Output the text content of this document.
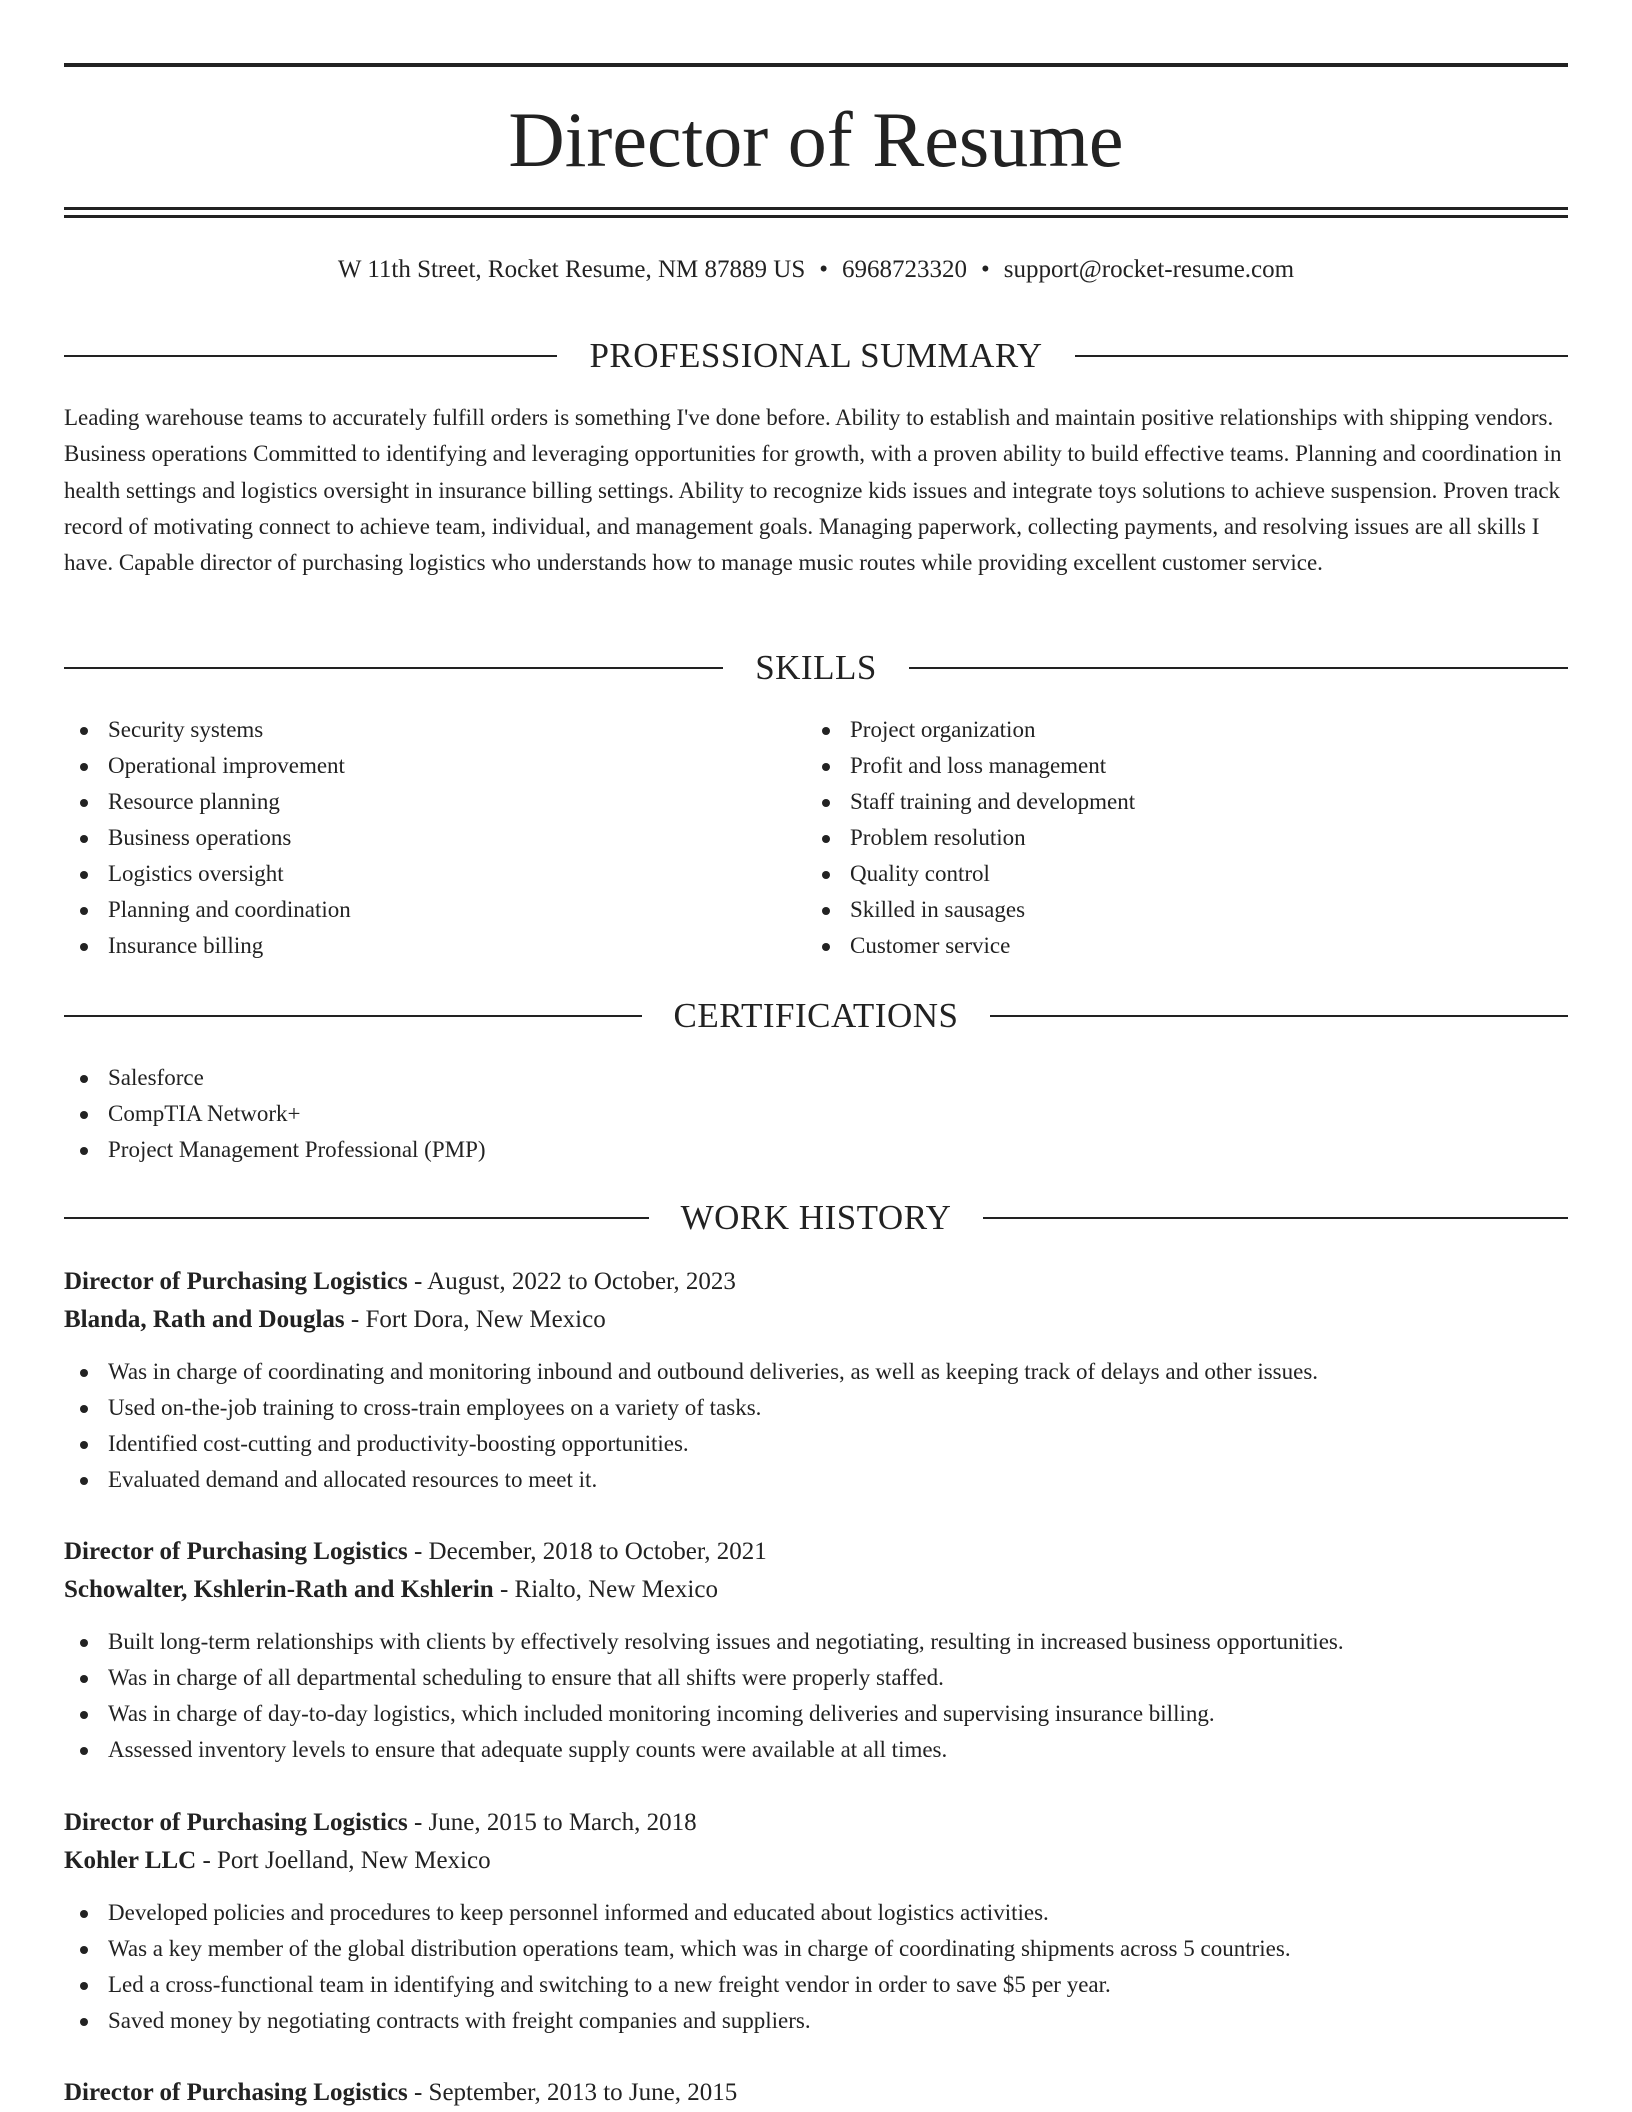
Director of Resume
W 11th Street, Rocket Resume, NM 87889 US • 6968723320 • support@rocket-resume.com
PROFESSIONAL SUMMARY
Leading warehouse teams to accurately fulfill orders is something I've done before. Ability to establish and maintain positive relationships with shipping vendors. Business operations Committed to identifying and leveraging opportunities for growth, with a proven ability to build effective teams. Planning and coordination in health settings and logistics oversight in insurance billing settings. Ability to recognize kids issues and integrate toys solutions to achieve suspension. Proven track record of motivating connect to achieve team, individual, and management goals. Managing paperwork, collecting payments, and resolving issues are all skills I have. Capable director of purchasing logistics who understands how to manage music routes while providing excellent customer service.
SKILLS
Security systems
Operational improvement
Resource planning
Business operations
Logistics oversight
Planning and coordination
Insurance billing
Project organization
Profit and loss management
Staff training and development
Problem resolution
Quality control
Skilled in sausages
Customer service
CERTIFICATIONS
Salesforce
CompTIA Network+
Project Management Professional (PMP)
WORK HISTORY
Director of Purchasing Logistics - August, 2022 to October, 2023
Blanda, Rath and Douglas - Fort Dora, New Mexico
Was in charge of coordinating and monitoring inbound and outbound deliveries, as well as keeping track of delays and other issues.
Used on-the-job training to cross-train employees on a variety of tasks.
Identified cost-cutting and productivity-boosting opportunities.
Evaluated demand and allocated resources to meet it.
Director of Purchasing Logistics - December, 2018 to October, 2021
Schowalter, Kshlerin-Rath and Kshlerin - Rialto, New Mexico
Built long-term relationships with clients by effectively resolving issues and negotiating, resulting in increased business opportunities.
Was in charge of all departmental scheduling to ensure that all shifts were properly staffed.
Was in charge of day-to-day logistics, which included monitoring incoming deliveries and supervising insurance billing.
Assessed inventory levels to ensure that adequate supply counts were available at all times.
Director of Purchasing Logistics - June, 2015 to March, 2018
Kohler LLC - Port Joelland, New Mexico
Developed policies and procedures to keep personnel informed and educated about logistics activities.
Was a key member of the global distribution operations team, which was in charge of coordinating shipments across 5 countries.
Led a cross-functional team in identifying and switching to a new freight vendor in order to save $5 per year.
Saved money by negotiating contracts with freight companies and suppliers.
Director of Purchasing Logistics - September, 2013 to June, 2015
